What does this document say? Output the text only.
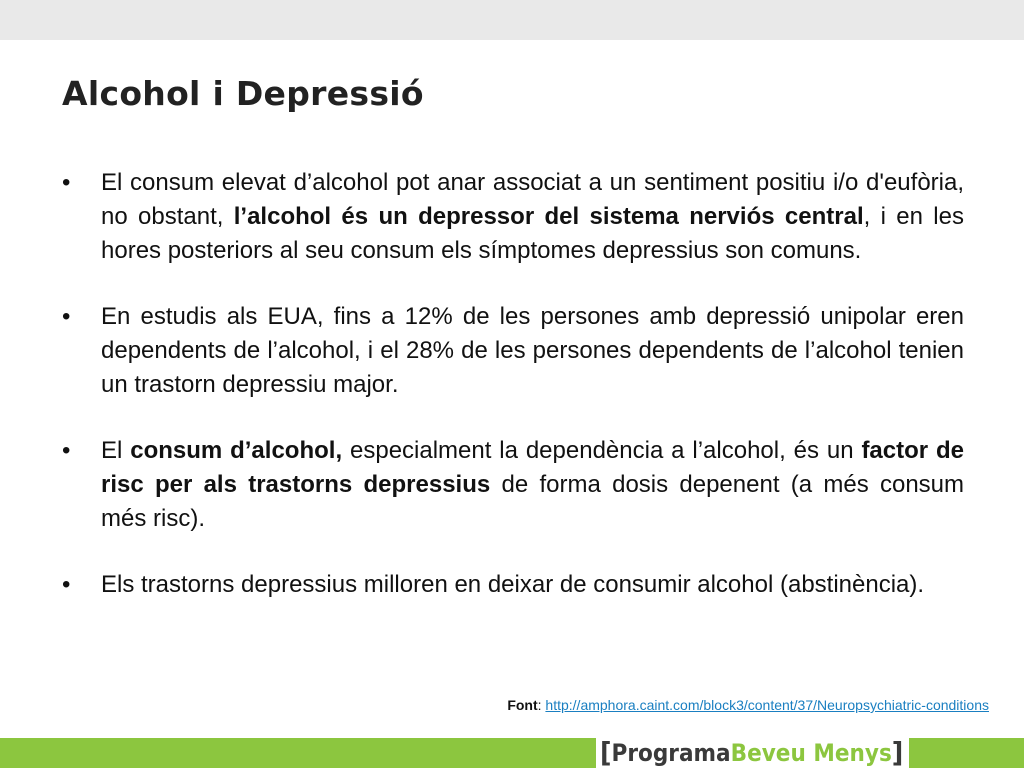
Alcohol i Depressió
•	El consum elevat d’alcohol pot anar associat a un sentiment positiu i/o d'eufòria, no obstant, l’alcohol és un depressor del sistema nerviós central, i en les hores posteriors al seu consum els símptomes depressius son comuns.
•	En estudis als EUA, fins a 12% de les persones amb depressió unipolar eren dependents de l’alcohol, i el 28% de les persones dependents de l’alcohol tenien un trastorn depressiu major.
•	El consum d’alcohol, especialment la dependència a l’alcohol, és un factor de risc per als trastorns depressius de forma dosis depenent (a més consum més risc).
•	Els trastorns depressius milloren en deixar de consumir alcohol (abstinència).
Font: http://amphora.caint.com/block3/content/37/Neuropsychiatric-conditions
[ Programa Beveu Menys ]
